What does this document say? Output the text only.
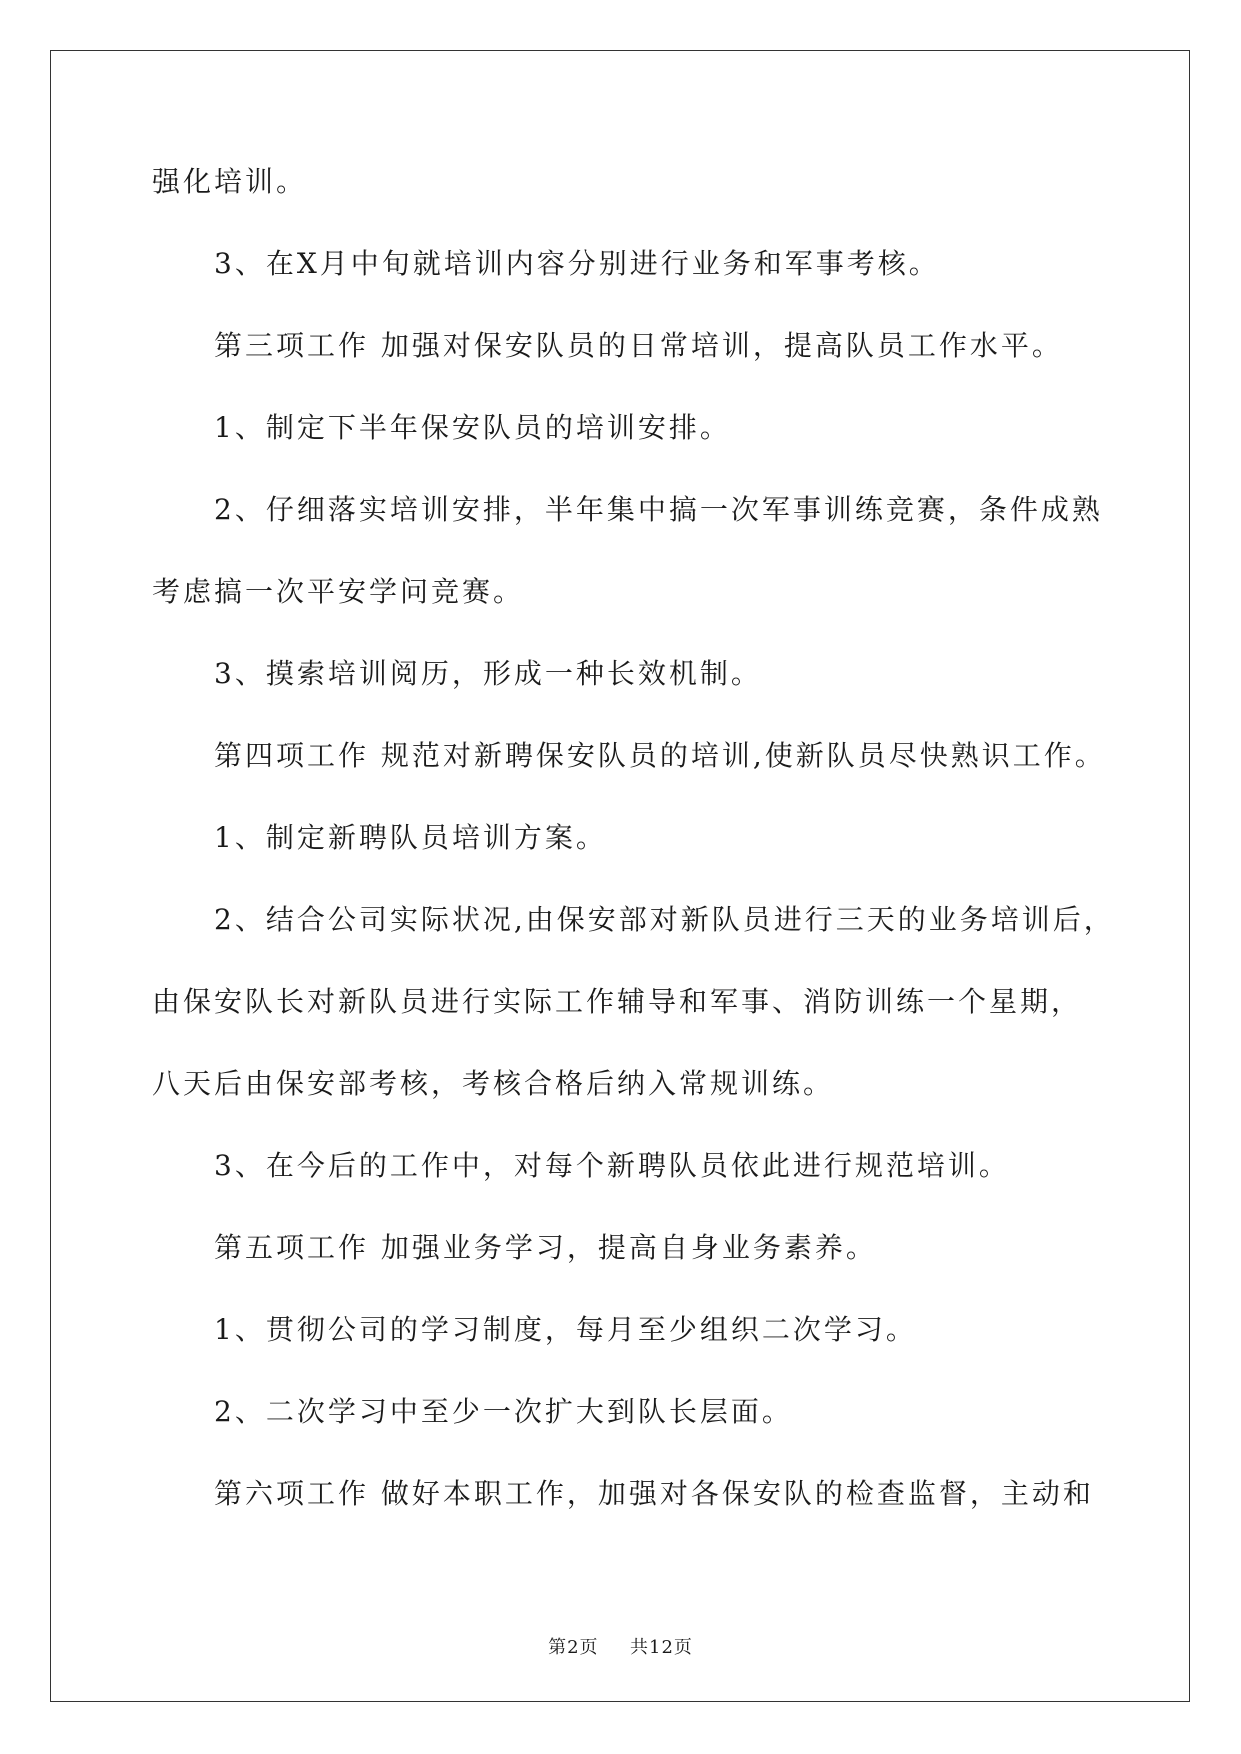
强化培训。
3、在X月中旬就培训内容分别进行业务和军事考核。
第三项工作 加强对保安队员的日常培训，提高队员工作水平。
1、制定下半年保安队员的培训安排。
2、仔细落实培训安排，半年集中搞一次军事训练竞赛，条件成熟
考虑搞一次平安学问竞赛。
3、摸索培训阅历，形成一种长效机制。
第四项工作 规范对新聘保安队员的培训,使新队员尽快熟识工作。
1、制定新聘队员培训方案。
2、结合公司实际状况,由保安部对新队员进行三天的业务培训后，
由保安队长对新队员进行实际工作辅导和军事、消防训练一个星期，
八天后由保安部考核，考核合格后纳入常规训练。
3、在今后的工作中，对每个新聘队员依此进行规范培训。
第五项工作 加强业务学习，提高自身业务素养。
1、贯彻公司的学习制度，每月至少组织二次学习。
2、二次学习中至少一次扩大到队长层面。
第六项工作 做好本职工作，加强对各保安队的检查监督，主动和
第2页 共12页
